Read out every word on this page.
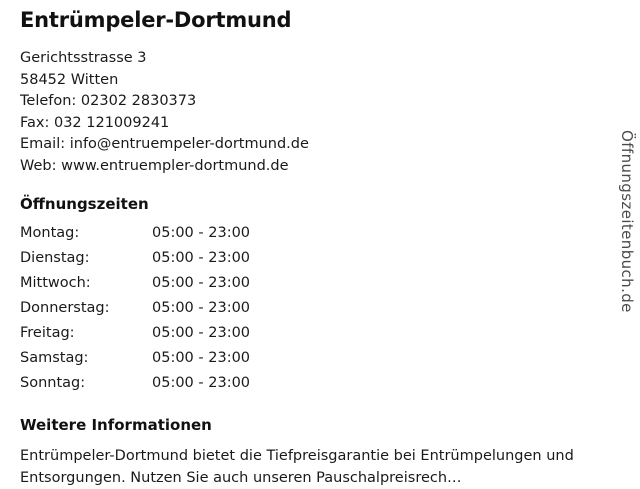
Entrümpeler-Dortmund
Gerichtsstrasse 3
58452 Witten
Telefon: 02302 2830373
Fax: 032 121009241
Email: info@entruempeler-dortmund.de
Web: www.entruempler-dortmund.de
Öffnungszeiten
Montag:	05:00 - 23:00
Dienstag:	05:00 - 23:00
Mittwoch:	05:00 - 23:00
Donnerstag:	05:00 - 23:00
Freitag:	05:00 - 23:00
Samstag:	05:00 - 23:00
Sonntag:	05:00 - 23:00
Weitere Informationen
Entrümpeler-Dortmund bietet die Tiefpreisgarantie bei Entrümpelungen und Entsorgungen. Nutzen Sie auch unseren Pauschalpreisrech…
Öffnungszeitenbuch.de
